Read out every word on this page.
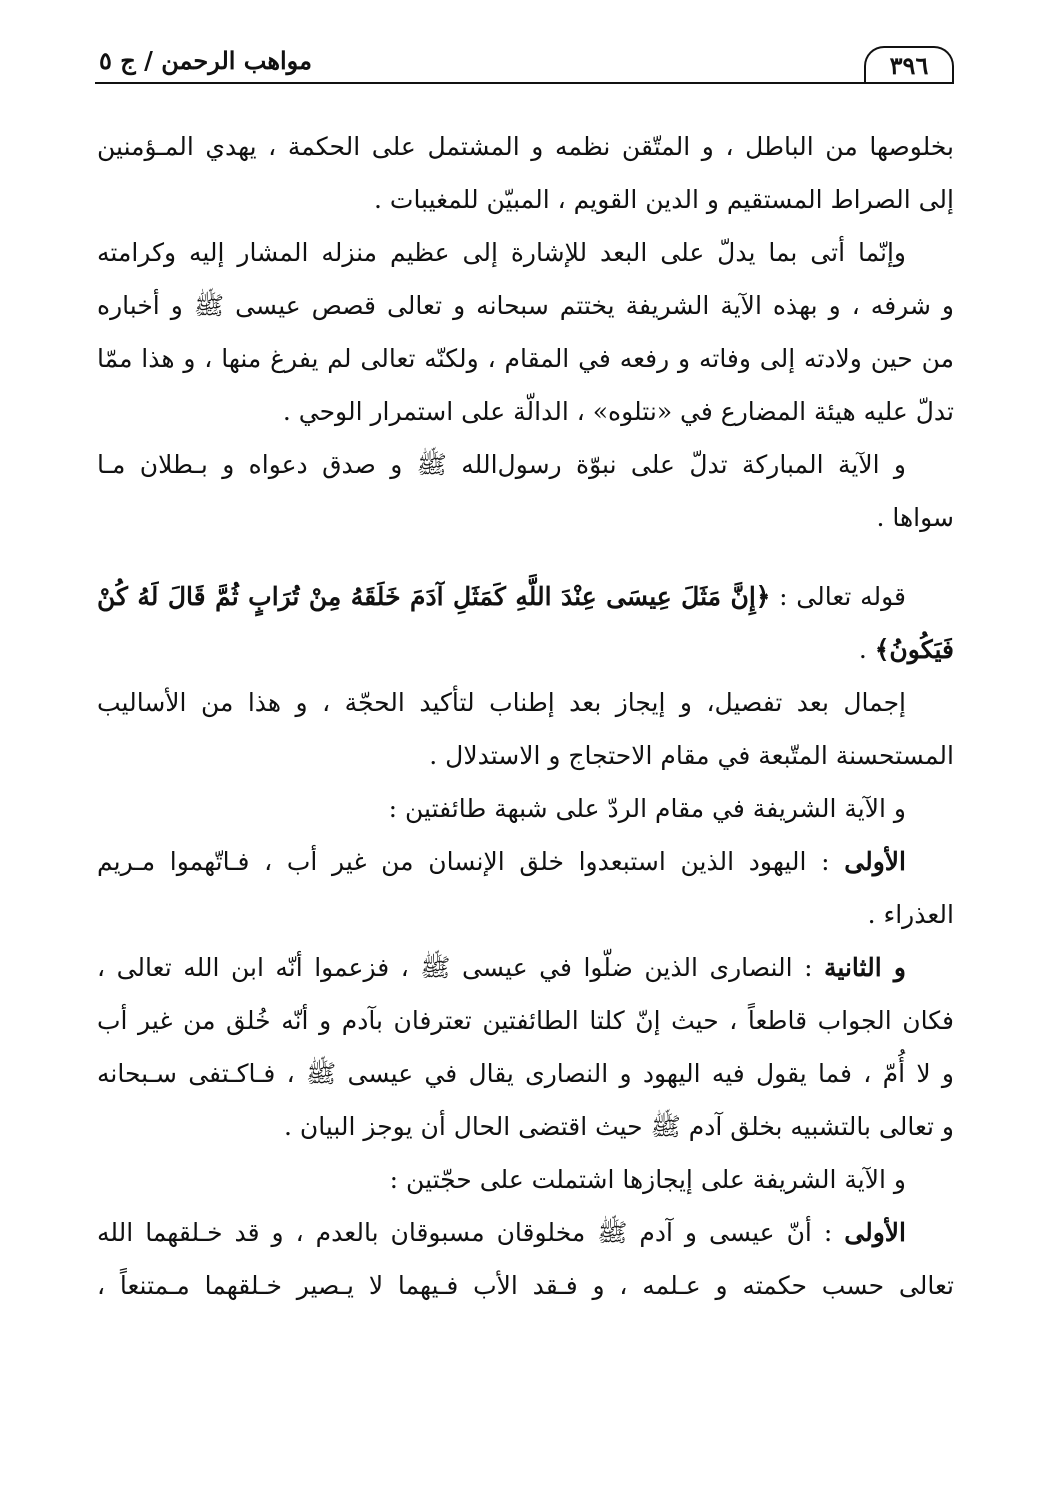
٣٩٦
مواهب الرحمن / ج ٥
بخلوصها من الباطل ، و المتّقن نظمه و المشتمل على الحكمة ، يهدي المـؤمنين
إلى الصراط المستقيم و الدين القويم ، المبيّن للمغيبات .
وإنّما أتى بما يدلّ على البعد للإشارة إلى عظيم منزله المشار إليه وكرامته
و شرفه ، و بهذه الآية الشريفة يختتم سبحانه و تعالى قصص عيسى ﷺ و أخباره
من حين ولادته إلى وفاته و رفعه في المقام ، ولكنّه تعالى لم يفرغ منها ، و هذا ممّا
تدلّ عليه هيئة المضارع في «نتلوه» ، الدالّة على استمرار الوحي .
و الآية المباركة تدلّ على نبوّة رسول‌الله ﷺ و صدق دعواه و بـطلان مـا
سواها .
قوله تعالى : ﴿إِنَّ مَثَلَ عِيسَى عِنْدَ اللَّهِ كَمَثَلِ آدَمَ خَلَقَهُ مِنْ تُرَابٍ ثُمَّ قَالَ لَهُ كُنْ
فَيَكُونُ﴾ .
إجمال بعد تفصيل، و إيجاز بعد إطناب لتأكيد الحجّة ، و هذا من الأساليب
المستحسنة المتّبعة في مقام الاحتجاج و الاستدلال .
و الآية الشريفة في مقام الردّ على شبهة طائفتين :
الأولى : اليهود الذين استبعدوا خلق الإنسان من غير أب ، فـاتّهموا مـريم
العذراء .
و الثانية : النصارى الذين ضلّوا في عيسى ﷺ ، فزعموا أنّه ابن الله تعالى ،
فكان الجواب قاطعاً ، حيث إنّ كلتا الطائفتين تعترفان بآدم و أنّه خُلق من غير أب
و لا أُمّ ، فما يقول فيه اليهود و النصارى يقال في عيسى ﷺ ، فـاكـتفى سـبحانه
و تعالى بالتشبيه بخلق آدم ﷺ حيث اقتضى الحال أن يوجز البيان .
و الآية الشريفة على إيجازها اشتملت على حجّتين :
الأولى : أنّ عيسى و آدم ﷺ مخلوقان مسبوقان بالعدم ، و قد خـلقهما الله
تعالى حسب حكمته و عـلمه ، و فـقد الأب فـيهما لا يـصير خـلقهما مـمتنعاً ،
